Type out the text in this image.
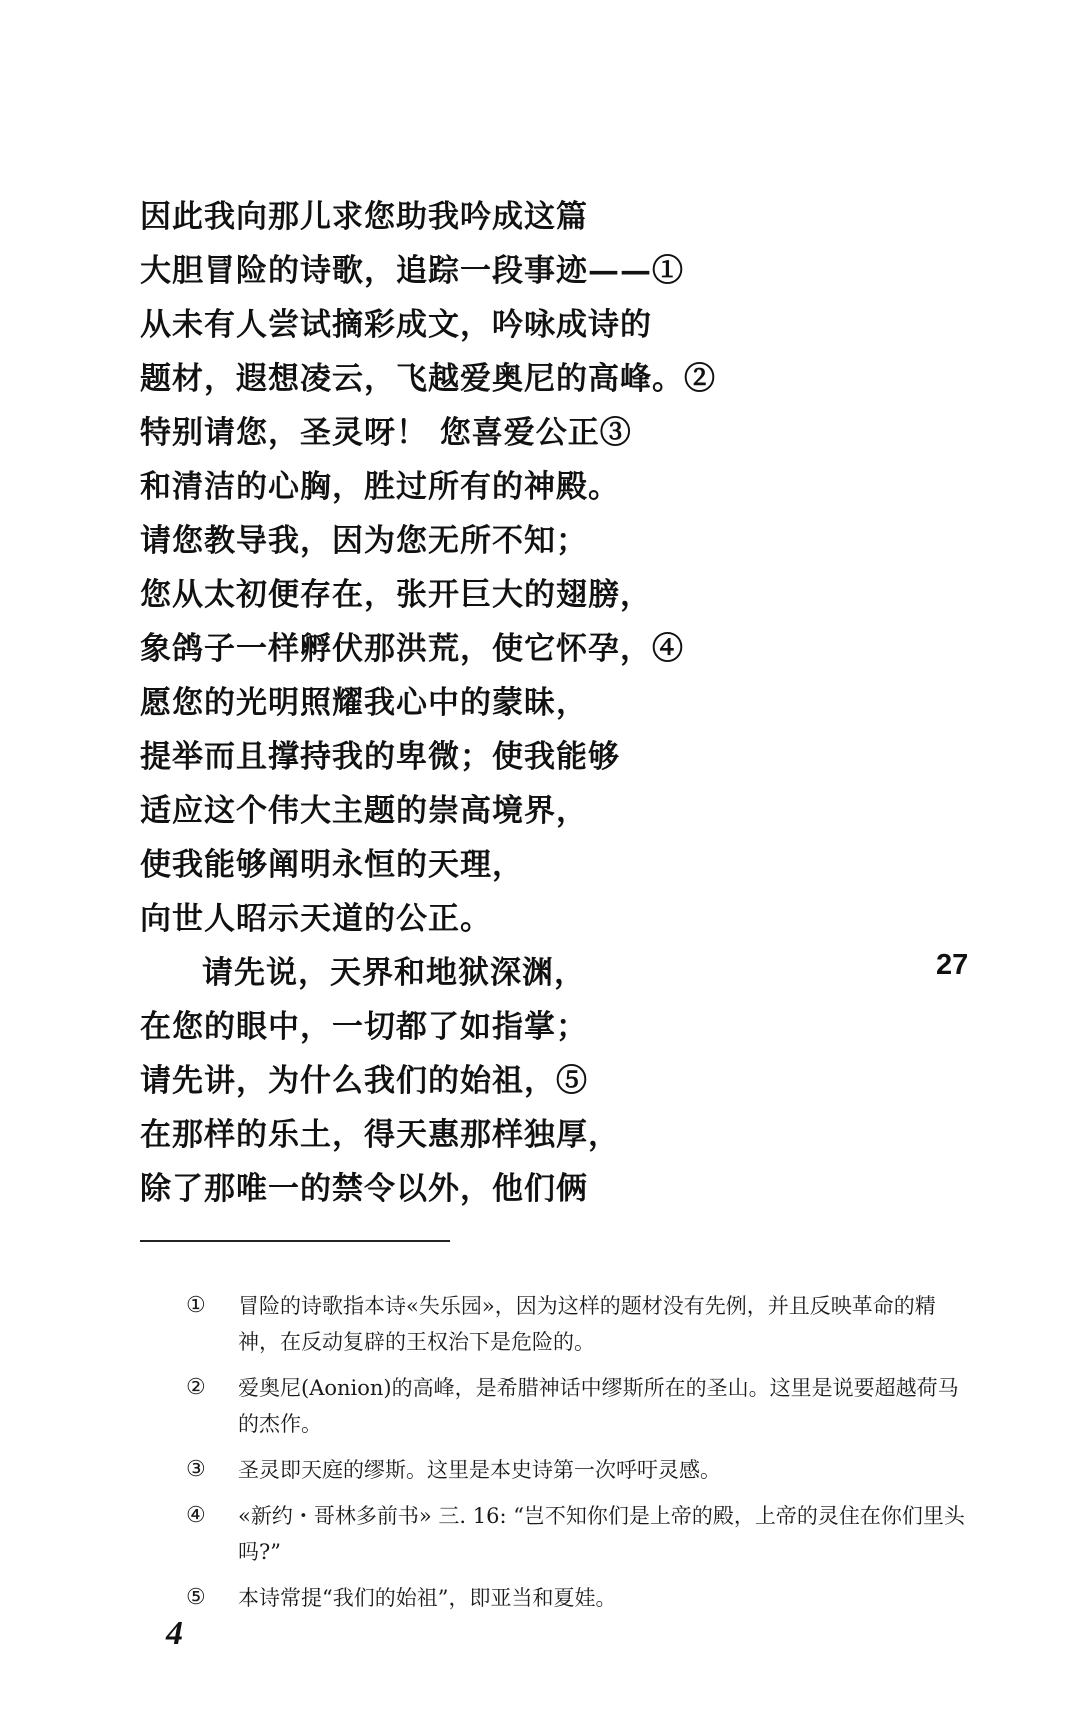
因此我向那儿求您助我吟成这篇
大胆冒险的诗歌，追踪一段事迹——①
从未有人尝试摘彩成文，吟咏成诗的
题材，遐想凌云，飞越爱奥尼的高峰。②
特别请您，圣灵呀！ 您喜爱公正③
和清洁的心胸，胜过所有的神殿。
请您教导我，因为您无所不知；
您从太初便存在，张开巨大的翅膀，
象鸽子一样孵伏那洪荒，使它怀孕，④
愿您的光明照耀我心中的蒙昧，
提举而且撑持我的卑微；使我能够
适应这个伟大主题的崇高境界，
使我能够阐明永恒的天理，
向世人昭示天道的公正。
请先说，天界和地狱深渊，
在您的眼中，一切都了如指掌；
请先讲，为什么我们的始祖，⑤
在那样的乐土，得天惠那样独厚，
除了那唯一的禁令以外，他们俩
27
①	冒险的诗歌指本诗«失乐园»，因为这样的题材没有先例，并且反映革命的精神，在反动复辟的王权治下是危险的。
②	爱奥尼(Aonion)的高峰，是希腊神话中缪斯所在的圣山。这里是说要超越荷马的杰作。
③	圣灵即天庭的缪斯。这里是本史诗第一次呼吁灵感。
④	«新约・哥林多前书» 三. 16: “岂不知你们是上帝的殿，上帝的灵住在你们里头吗?”
⑤	本诗常提“我们的始祖”，即亚当和夏娃。
4
